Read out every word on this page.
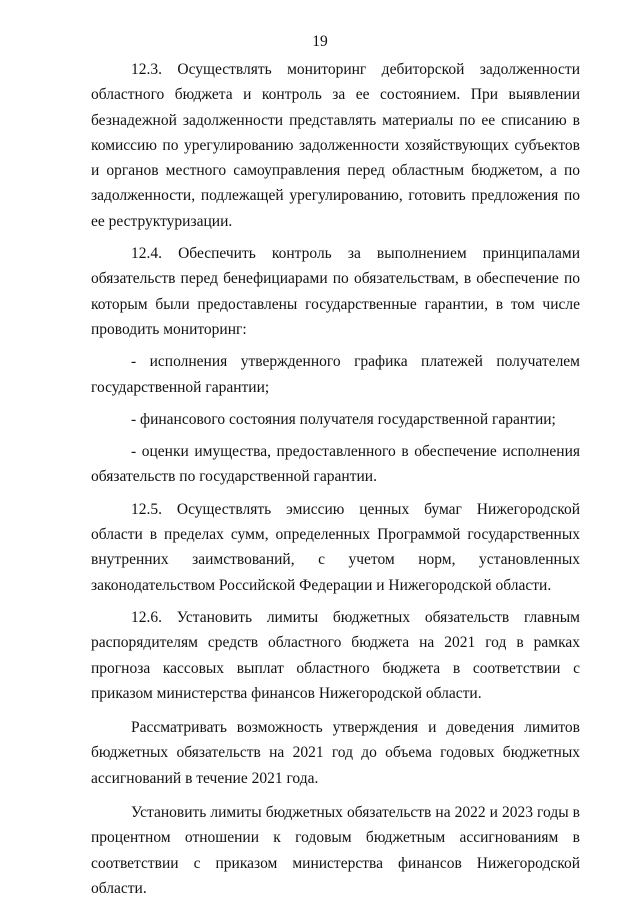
19

12.3. Осуществлять мониторинг дебиторской задолженности областного бюджета и контроль за ее состоянием. При выявлении безнадежной задолженности представлять материалы по ее списанию в комиссию по урегулированию задолженности хозяйствующих субъектов и органов местного самоуправления перед областным бюджетом, а по задолженности, подлежащей урегулированию, готовить предложения по ее реструктуризации.

12.4. Обеспечить контроль за выполнением принципалами обязательств перед бенефициарами по обязательствам, в обеспечение по которым были предоставлены государственные гарантии, в том числе проводить мониторинг:

- исполнения утвержденного графика платежей получателем государственной гарантии;

- финансового состояния получателя государственной гарантии;

- оценки имущества, предоставленного в обеспечение исполнения обязательств по государственной гарантии.

12.5. Осуществлять эмиссию ценных бумаг Нижегородской области в пределах сумм, определенных Программой государственных внутренних заимствований, с учетом норм, установленных законодательством Российской Федерации и Нижегородской области.

12.6. Установить лимиты бюджетных обязательств главным распорядителям средств областного бюджета на 2021 год в рамках прогноза кассовых выплат областного бюджета в соответствии с приказом министерства финансов Нижегородской области.

Рассматривать возможность утверждения и доведения лимитов бюджетных обязательств на 2021 год до объема годовых бюджетных ассигнований в течение 2021 года.

Установить лимиты бюджетных обязательств на 2022 и 2023 годы в процентном отношении к годовым бюджетным ассигнованиям в соответствии с приказом министерства финансов Нижегородской области.
